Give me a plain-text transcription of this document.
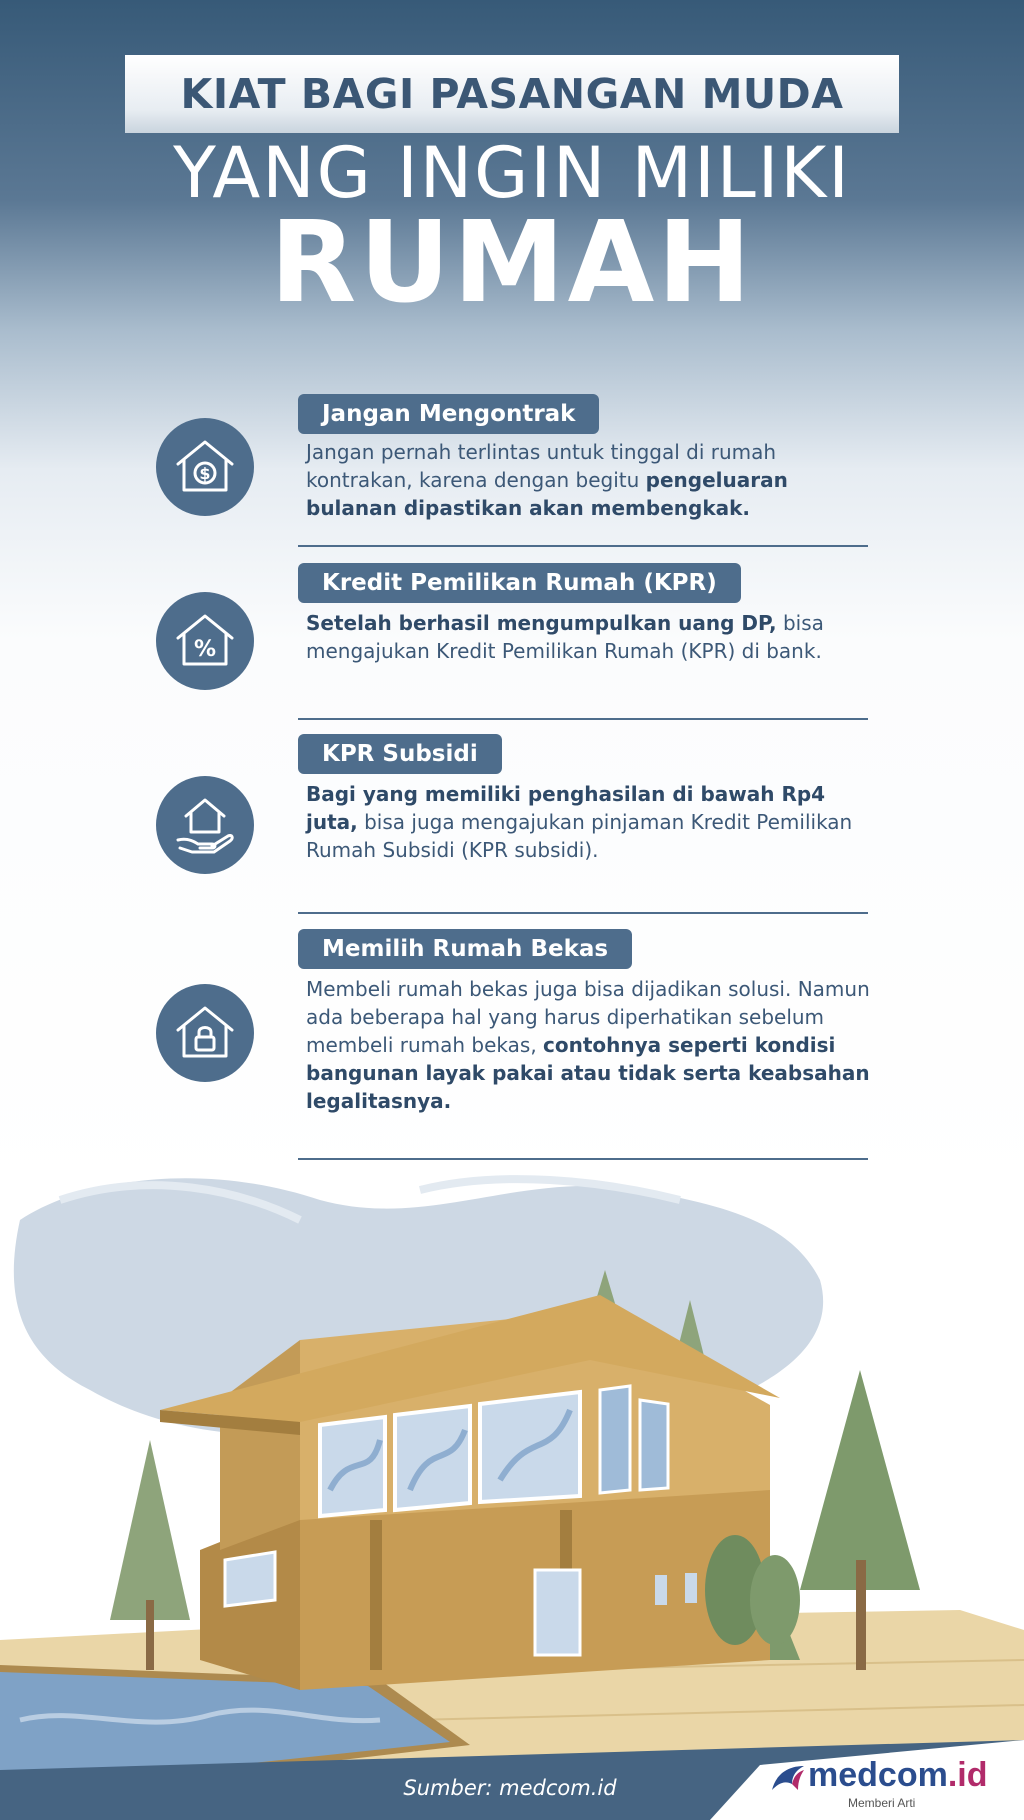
KIAT BAGI PASANGAN MUDA
YANG INGIN MILIKI
RUMAH
$
Jangan Mengontrak

Jangan pernah terlintas untuk tinggal di rumah kontrakan, karena dengan begitu pengeluaran bulanan dipastikan akan membengkak.

%
Kredit Pemilikan Rumah (KPR)

Setelah berhasil mengumpulkan uang DP, bisa mengajukan Kredit Pemilikan Rumah (KPR) di bank.

KPR Subsidi

Bagi yang memiliki penghasilan di bawah Rp4 juta, bisa juga mengajukan pinjaman Kredit Pemilikan Rumah Subsidi (KPR subsidi).

Memilih Rumah Bekas

Membeli rumah bekas juga bisa dijadikan solusi. Namun ada beberapa hal yang harus diperhatikan sebelum membeli rumah bekas, contohnya seperti kondisi bangunan layak pakai atau tidak serta keabsahan legalitasnya.

Sumber: medcom.id	medcom.id
Memberi Arti
